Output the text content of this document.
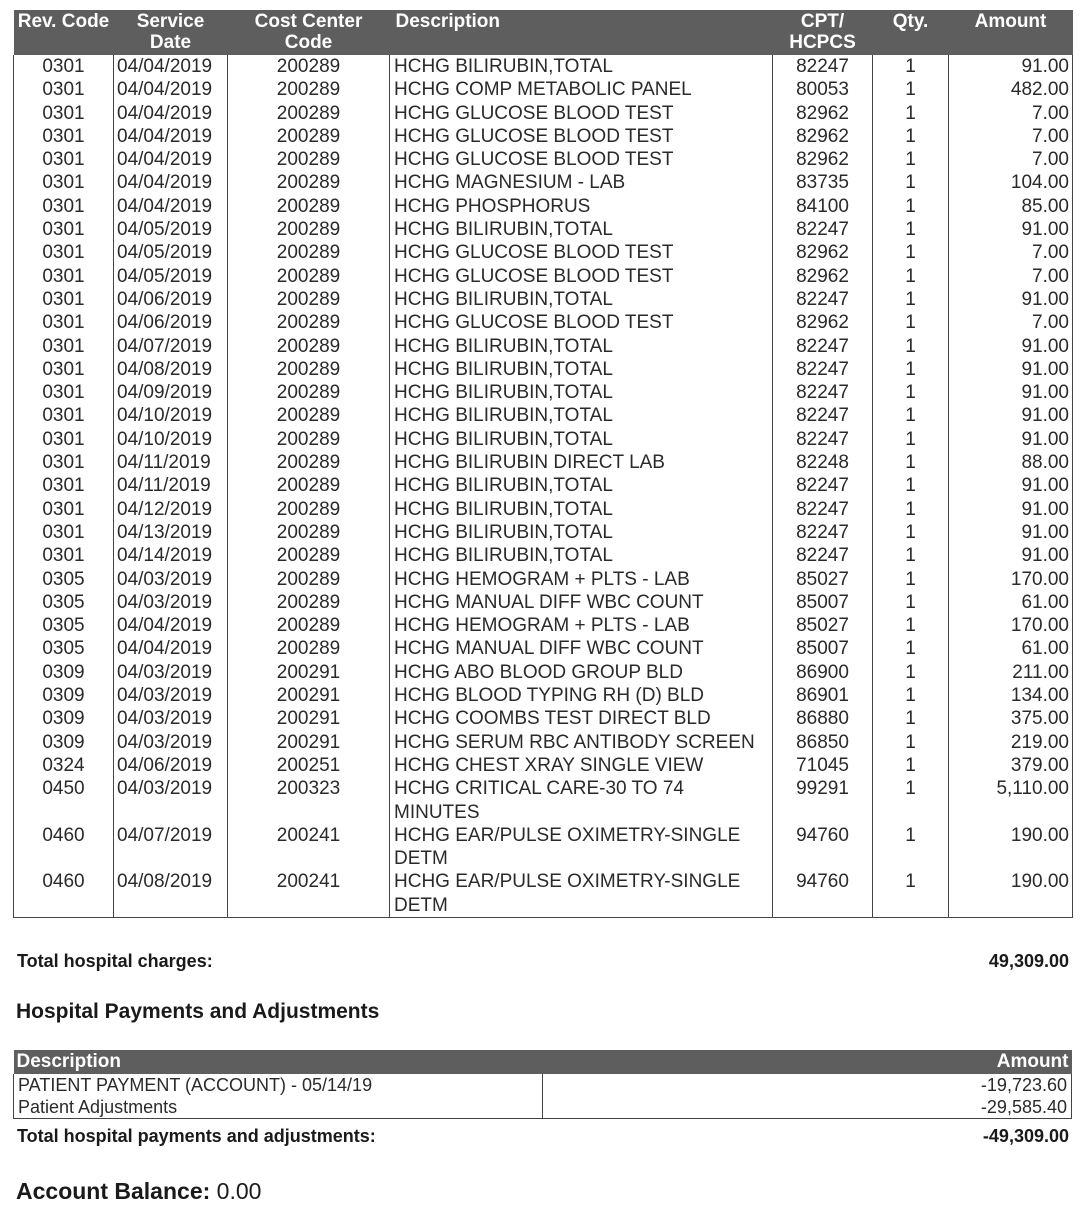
Rev. Code	Service Date	Cost Center Code	Description	CPT/ HCPCS	Qty.	Amount
0301	04/04/2019	200289	HCHG BILIRUBIN,TOTAL	82247	1	91.00
0301	04/04/2019	200289	HCHG COMP METABOLIC PANEL	80053	1	482.00
0301	04/04/2019	200289	HCHG GLUCOSE BLOOD TEST	82962	1	7.00
0301	04/04/2019	200289	HCHG GLUCOSE BLOOD TEST	82962	1	7.00
0301	04/04/2019	200289	HCHG GLUCOSE BLOOD TEST	82962	1	7.00
0301	04/04/2019	200289	HCHG MAGNESIUM - LAB	83735	1	104.00
0301	04/04/2019	200289	HCHG PHOSPHORUS	84100	1	85.00
0301	04/05/2019	200289	HCHG BILIRUBIN,TOTAL	82247	1	91.00
0301	04/05/2019	200289	HCHG GLUCOSE BLOOD TEST	82962	1	7.00
0301	04/05/2019	200289	HCHG GLUCOSE BLOOD TEST	82962	1	7.00
0301	04/06/2019	200289	HCHG BILIRUBIN,TOTAL	82247	1	91.00
0301	04/06/2019	200289	HCHG GLUCOSE BLOOD TEST	82962	1	7.00
0301	04/07/2019	200289	HCHG BILIRUBIN,TOTAL	82247	1	91.00
0301	04/08/2019	200289	HCHG BILIRUBIN,TOTAL	82247	1	91.00
0301	04/09/2019	200289	HCHG BILIRUBIN,TOTAL	82247	1	91.00
0301	04/10/2019	200289	HCHG BILIRUBIN,TOTAL	82247	1	91.00
0301	04/10/2019	200289	HCHG BILIRUBIN,TOTAL	82247	1	91.00
0301	04/11/2019	200289	HCHG BILIRUBIN DIRECT LAB	82248	1	88.00
0301	04/11/2019	200289	HCHG BILIRUBIN,TOTAL	82247	1	91.00
0301	04/12/2019	200289	HCHG BILIRUBIN,TOTAL	82247	1	91.00
0301	04/13/2019	200289	HCHG BILIRUBIN,TOTAL	82247	1	91.00
0301	04/14/2019	200289	HCHG BILIRUBIN,TOTAL	82247	1	91.00
0305	04/03/2019	200289	HCHG HEMOGRAM + PLTS - LAB	85027	1	170.00
0305	04/03/2019	200289	HCHG MANUAL DIFF WBC COUNT	85007	1	61.00
0305	04/04/2019	200289	HCHG HEMOGRAM + PLTS - LAB	85027	1	170.00
0305	04/04/2019	200289	HCHG MANUAL DIFF WBC COUNT	85007	1	61.00
0309	04/03/2019	200291	HCHG ABO BLOOD GROUP BLD	86900	1	211.00
0309	04/03/2019	200291	HCHG BLOOD TYPING RH (D) BLD	86901	1	134.00
0309	04/03/2019	200291	HCHG COOMBS TEST DIRECT BLD	86880	1	375.00
0309	04/03/2019	200291	HCHG SERUM RBC ANTIBODY SCREEN	86850	1	219.00
0324	04/06/2019	200251	HCHG CHEST XRAY SINGLE VIEW	71045	1	379.00
0450	04/03/2019	200323	HCHG CRITICAL CARE-30 TO 74 MINUTES	99291	1	5,110.00
0460	04/07/2019	200241	HCHG EAR/PULSE OXIMETRY-SINGLE DETM	94760	1	190.00
0460	04/08/2019	200241	HCHG EAR/PULSE OXIMETRY-SINGLE DETM	94760	1	190.00
Total hospital charges:	49,309.00
Hospital Payments and Adjustments
Description	Amount
PATIENT PAYMENT (ACCOUNT) - 05/14/19	-19,723.60
Patient Adjustments	-29,585.40
Total hospital payments and adjustments:	-49,309.00
Account Balance: 0.00
